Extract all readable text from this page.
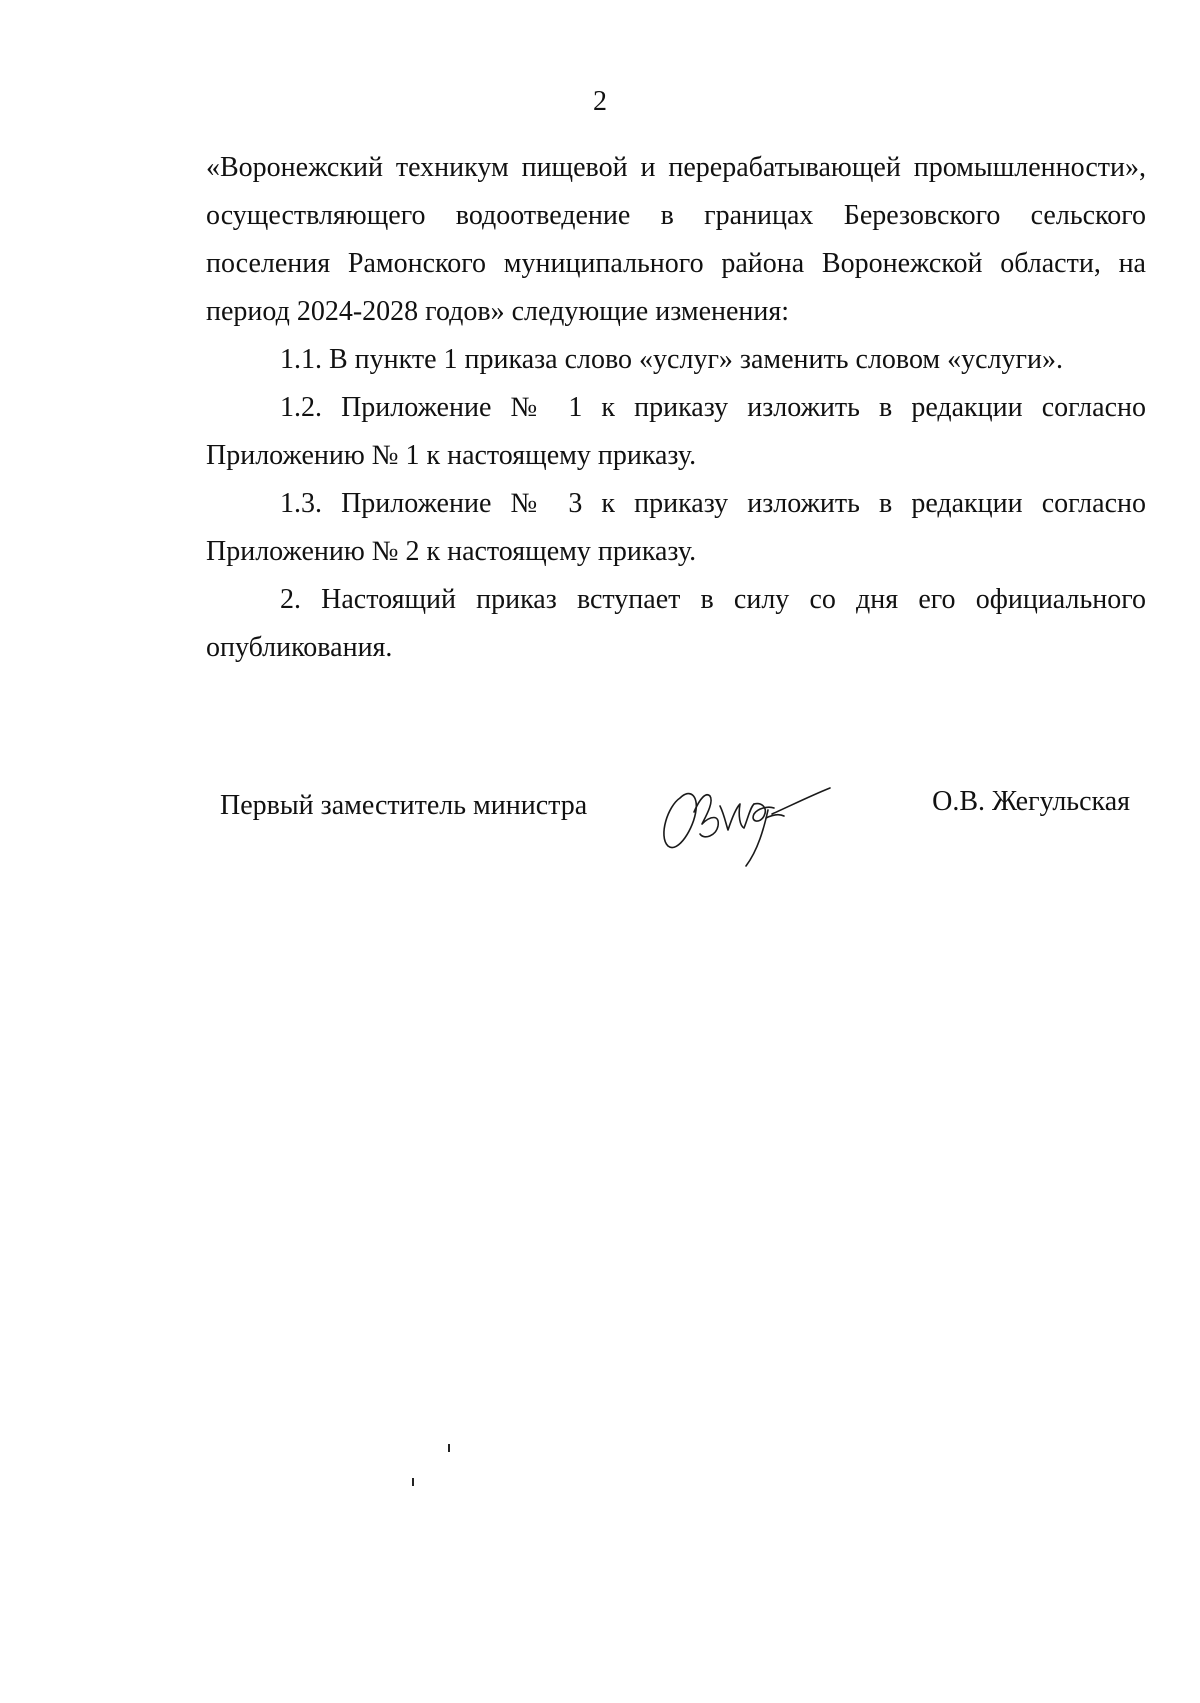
2

«Воронежский техникум пищевой и перерабатывающей промышленности», осуществляющего водоотведение в границах Березовского сельского поселения Рамонского муниципального района Воронежской области, на период 2024-2028 годов» следующие изменения:

1.1. В пункте 1 приказа слово «услуг» заменить словом «услуги».

1.2. Приложение № 1 к приказу изложить в редакции согласно Приложению № 1 к настоящему приказу.

1.3. Приложение № 3 к приказу изложить в редакции согласно Приложению № 2 к настоящему приказу.

2. Настоящий приказ вступает в силу со дня его официального опубликования.

Первый заместитель министра	О.В. Жегульская
